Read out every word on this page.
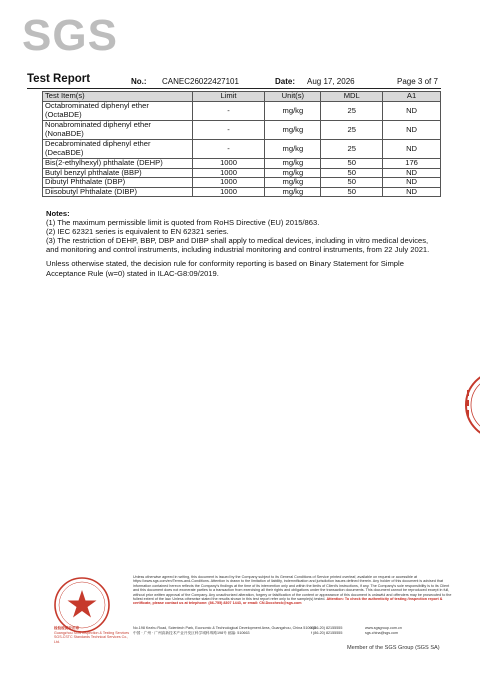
SGS
Test Report	No.: CANEC26022427101	Date: Aug 17, 2026	Page 3 of 7
Test Item(s)	Limit	Unit(s)	MDL	A1
Octabrominated diphenyl ether
(OctaBDE)	-	mg/kg	25	ND
Nonabrominated diphenyl ether
(NonaBDE)	-	mg/kg	25	ND
Decabrominated diphenyl ether
(DecaBDE)	-	mg/kg	25	ND
Bis(2-ethylhexyl) phthalate (DEHP)	1000	mg/kg	50	176
Butyl benzyl phthalate (BBP)	1000	mg/kg	50	ND
Dibutyl Phthalate (DBP)	1000	mg/kg	50	ND
Diisobutyl Phthalate (DIBP)	1000	mg/kg	50	ND

Notes:

(1) The maximum permissible limit is quoted from RoHS Directive (EU) 2015/863.

(2) IEC 62321 series is equivalent to EN 62321 series.

(3) The restriction of DEHP, BBP, DBP and DIBP shall apply to medical devices, including in vitro medical devices, and monitoring and control instruments, including industrial monitoring and control instruments, from 22 July 2021.

Unless otherwise stated, the decision rule for conformity reporting is based on Binary Statement for Simple Acceptance Rule (w=0) stated in ILAC-G8:09/2019.

检验检测专用章
Guangzhou SGS Inspection & Testing Services
SGS-CSTC Standards Technical Services Co., Ltd.
Unless otherwise agreed in writing, this document is issued by the Company subject to its General Conditions of Service printed overleaf, available on request or accessible at https://www.sgs.com/en/Terms-and-Conditions. Attention is drawn to the limitation of liability, indemnification and jurisdiction issues defined therein. Any holder of this document is advised that information contained hereon reflects the Company's findings at the time of its intervention only and within the limits of Client's instructions, if any. The Company's sole responsibility is to its Client and this document does not exonerate parties to a transaction from exercising all their rights and obligations under the transaction documents. This document cannot be reproduced except in full, without prior written approval of the Company. Any unauthorized alteration, forgery or falsification of the content or appearance of this document is unlawful and offenders may be prosecuted to the fullest extent of the law. Unless otherwise stated the results shown in this test report refer only to the sample(s) tested. Attention: To check the authenticity of testing /inspection report & certificate, please contact us at telephone: (86-755) 8307 1443, or email: CN.Doccheck@sgs.com
No.198 Kezhu Road, Scientech Park, Economic & Technological Development Area, Guangzhou, China 510663
t (86-20) 82155555	www.sgsgroup.com.cn
中国 · 广州 · 广州高新技术产业开发区科学城科珠路198号 邮编: 510663	f (86-20) 82155555	sgs.china@sgs.com
Member of the SGS Group (SGS SA)
